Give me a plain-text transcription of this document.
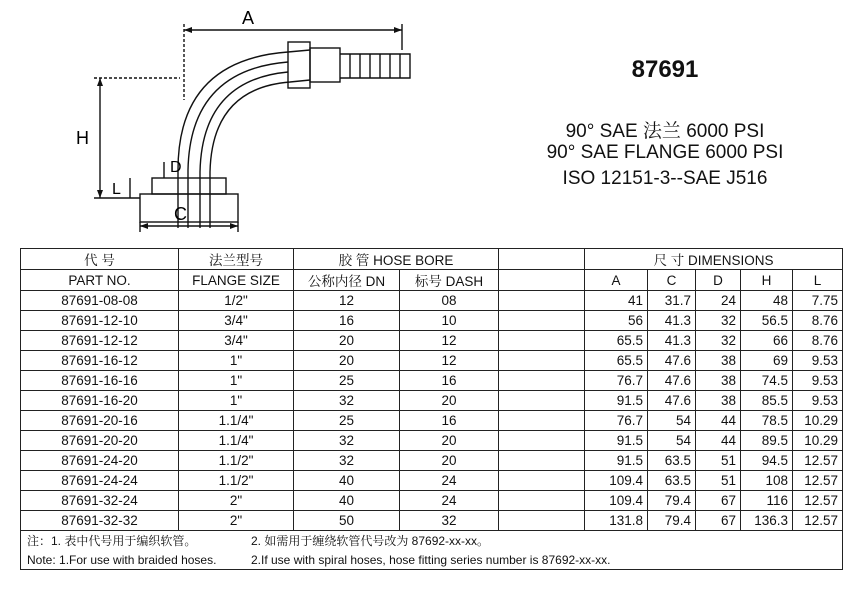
A
H
L
D
C
87691
90° SAE 法兰 6000 PSI
90° SAE FLANGE 6000 PSI
ISO 12151-3--SAE J516
代 号	法兰型号	胶 管 HOSE BORE			尺 寸 DIMENSIONS				
PART NO.	FLANGE SIZE	公称内径 DN	标号 DASH		A	C	D	H	L
87691-08-08	1/2"	12	08		41	31.7	24	48	7.75
87691-12-10	3/4"	16	10		56	41.3	32	56.5	8.76
87691-12-12	3/4"	20	12		65.5	41.3	32	66	8.76
87691-16-12	1"	20	12		65.5	47.6	38	69	9.53
87691-16-16	1"	25	16		76.7	47.6	38	74.5	9.53
87691-16-20	1"	32	20		91.5	47.6	38	85.5	9.53
87691-20-16	1.1/4"	25	16		76.7	54	44	78.5	10.29
87691-20-20	1.1/4"	32	20		91.5	54	44	89.5	10.29
87691-24-20	1.1/2"	32	20		91.5	63.5	51	94.5	12.57
87691-24-24	1.1/2"	40	24		109.4	63.5	51	108	12.57
87691-32-24	2"	40	24		109.4	79.4	67	116	12.57
87691-32-32	2"	50	32		131.8	79.4	67	136.3	12.57
注：1. 表中代号用于编织软管。 2. 如需用于缠绕软管代号改为 87692-xx-xx。									

Note: 1.For use with braided hoses. 2.If use with spiral hoses, hose fitting series number is 87692-xx-xx.									
